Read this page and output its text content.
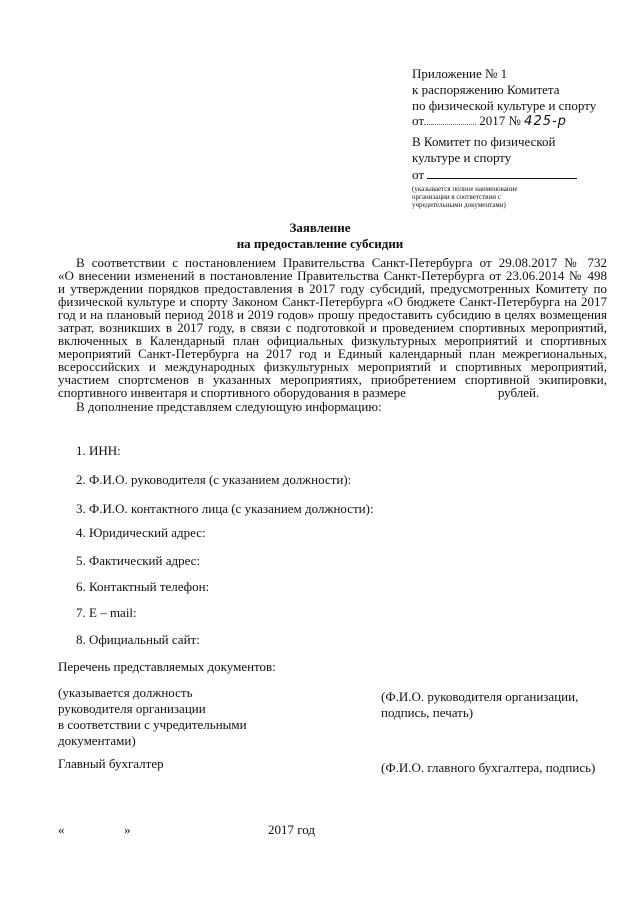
Приложение № 1
к распоряжению Комитета
по физической культуре и спорту
от...	2017 № 425-р
В Комитет по физической
культуре и спорту
от
(указывается полное наименование
организации в соответствии с
учредительными документами)
Заявление
на предоставление субсидии
В соответствии с постановлением Правительства Санкт-Петербурга от 29.08.2017 № 732
«О внесении изменений в постановление Правительства Санкт-Петербурга от 23.06.2014 № 498
и утверждении порядков предоставления в 2017 году субсидий, предусмотренных Комитету по
физической культуре и спорту Законом Санкт-Петербурга «О бюджете Санкт-Петербурга на 2017
год и на плановый период 2018 и 2019 годов» прошу предоставить субсидию в целях возмещения
затрат, возникших в 2017 году, в связи с подготовкой и проведением спортивных мероприятий,
включенных в Календарный план официальных физкультурных мероприятий и спортивных
мероприятий Санкт-Петербурга на 2017 год и Единый календарный план межрегиональных,
всероссийских и международных физкультурных мероприятий и спортивных мероприятий,
участием спортсменов в указанных мероприятиях, приобретением спортивной экипировки,
спортивного инвентаря и спортивного оборудования в размере	рублей.
В дополнение представляем следующую информацию:
1. ИНН:
2. Ф.И.О. руководителя (с указанием должности):
3. Ф.И.О. контактного лица (с указанием должности):
4. Юридический адрес:
5. Фактический адрес:
6. Контактный телефон:
7. E – mail:
8. Официальный сайт:
Перечень представляемых документов:
(указывается должность
руководителя организации
в соответствии с учредительными
документами)
(Ф.И.О. руководителя организации,
подпись, печать)
Главный бухгалтер	(Ф.И.О. главного бухгалтера, подпись)
«	»	2017 год
